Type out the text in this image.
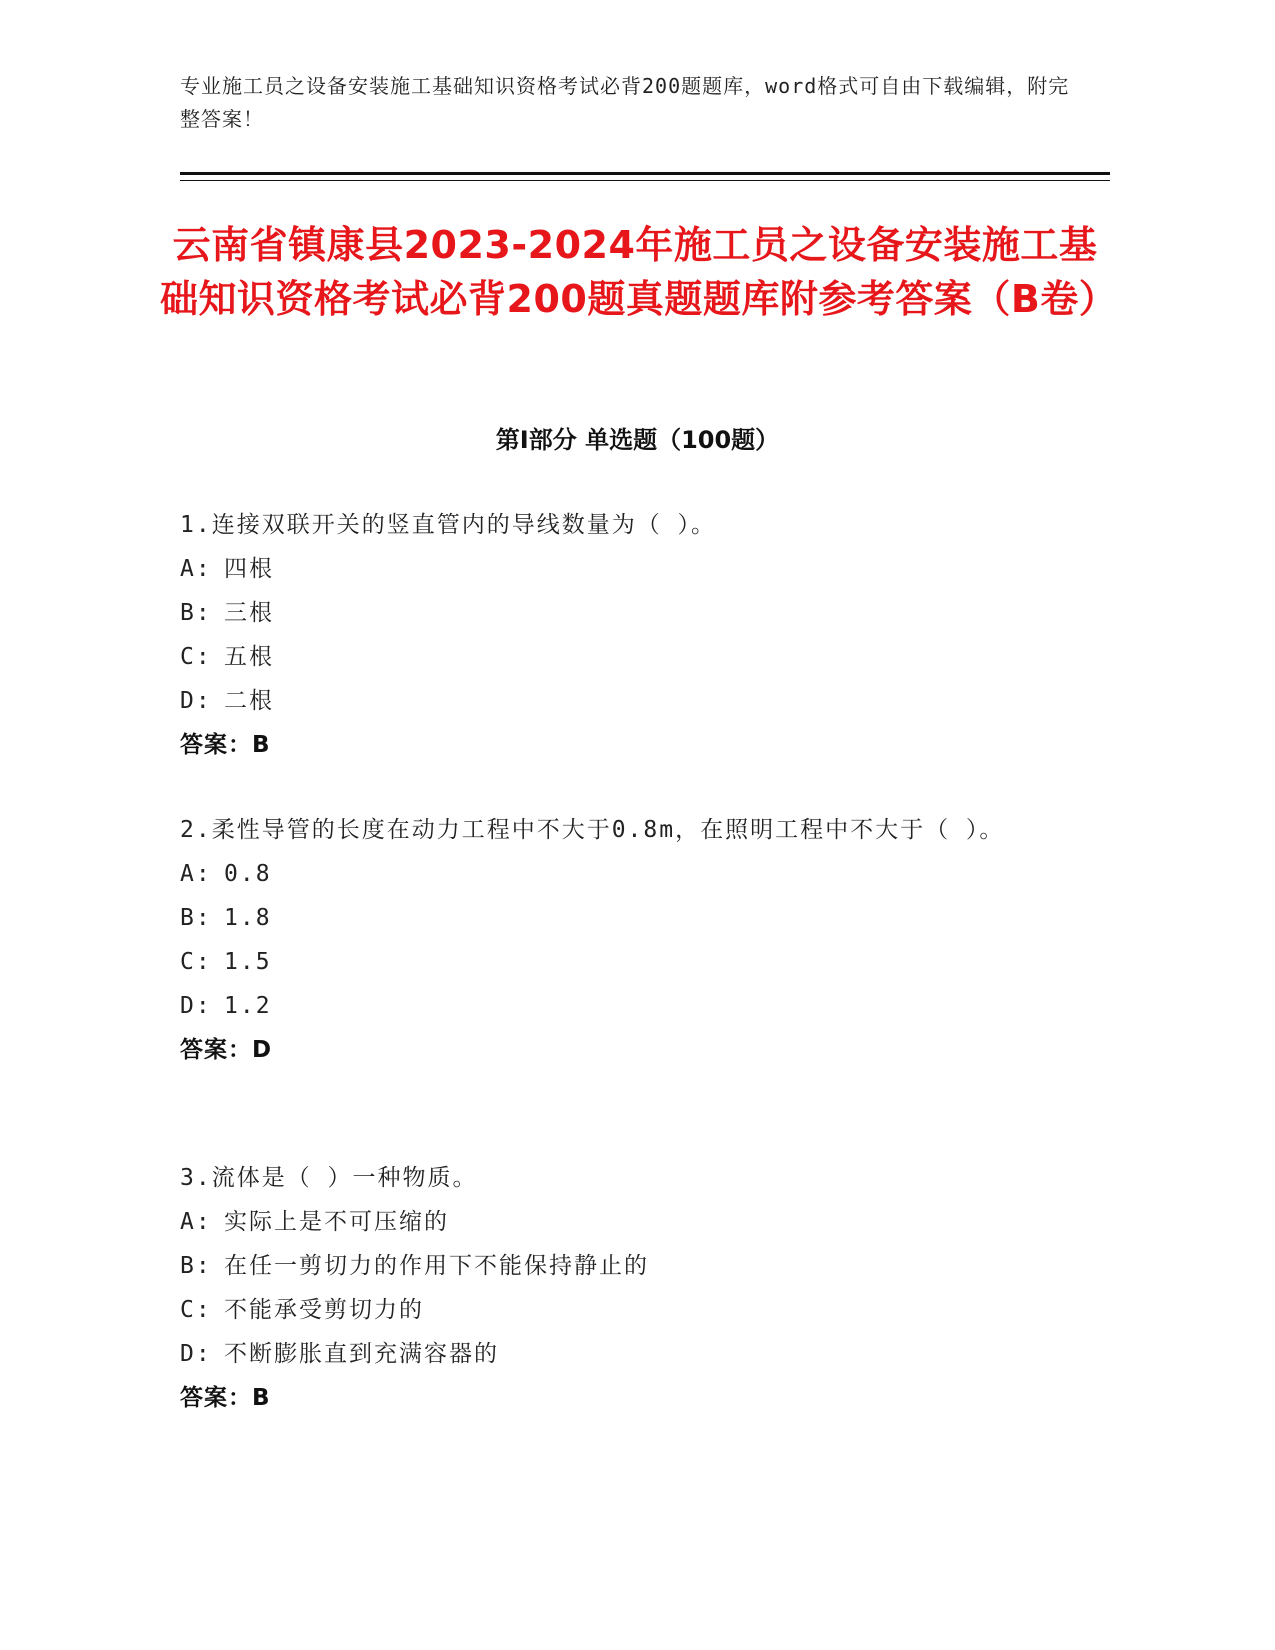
专业施工员之设备安装施工基础知识资格考试必背200题题库，word格式可自由下载编辑，附完整答案！
云南省镇康县2023-2024年施工员之设备安装施工基础知识资格考试必背200题真题题库附参考答案（B卷）
第Ⅰ部分 单选题（100题）
1.连接双联开关的竖直管内的导线数量为（ ）。
A: 四根
B: 三根
C: 五根
D: 二根
答案：B
2.柔性导管的长度在动力工程中不大于0.8m，在照明工程中不大于（ ）。
A: 0.8
B: 1.8
C: 1.5
D: 1.2
答案：D
3.流体是（ ）一种物质。
A: 实际上是不可压缩的
B: 在任一剪切力的作用下不能保持静止的
C: 不能承受剪切力的
D: 不断膨胀直到充满容器的
答案：B
